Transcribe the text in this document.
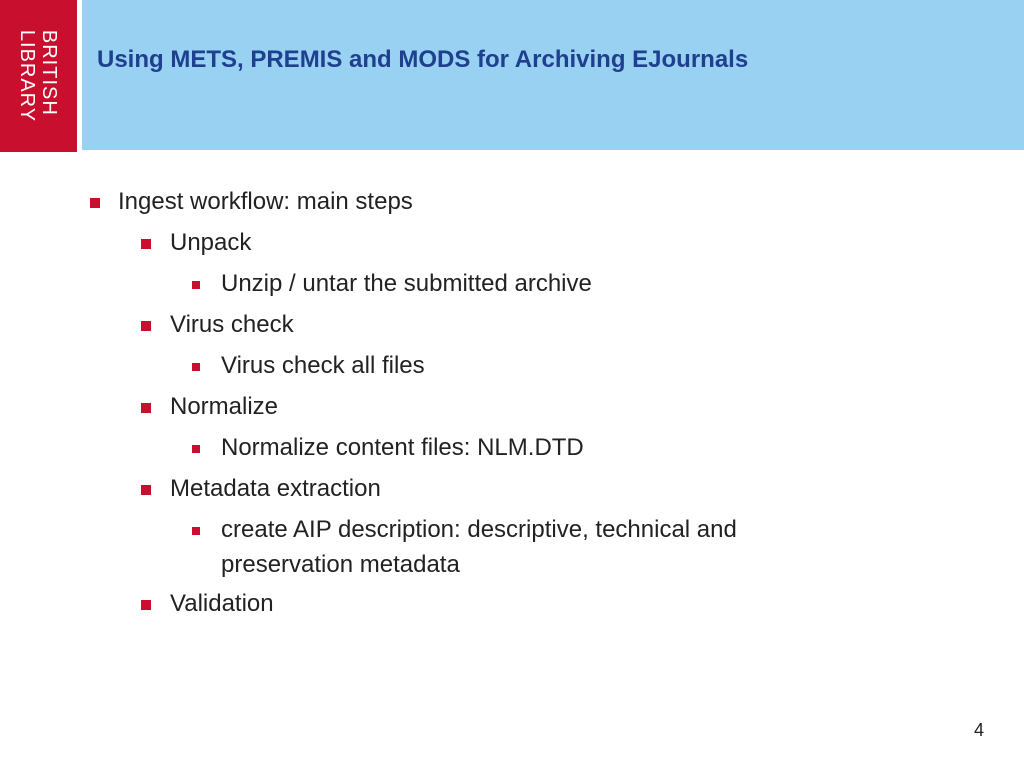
BRITISH
LIBRARY Using METS, PREMIS and MODS for Archiving EJournals
Ingest workflow: main steps
Unpack
Unzip / untar the submitted archive
Virus check
Virus check all files
Normalize
Normalize content files: NLM.DTD
Metadata extraction
create AIP description: descriptive, technical and
preservation metadata
Validation
4
